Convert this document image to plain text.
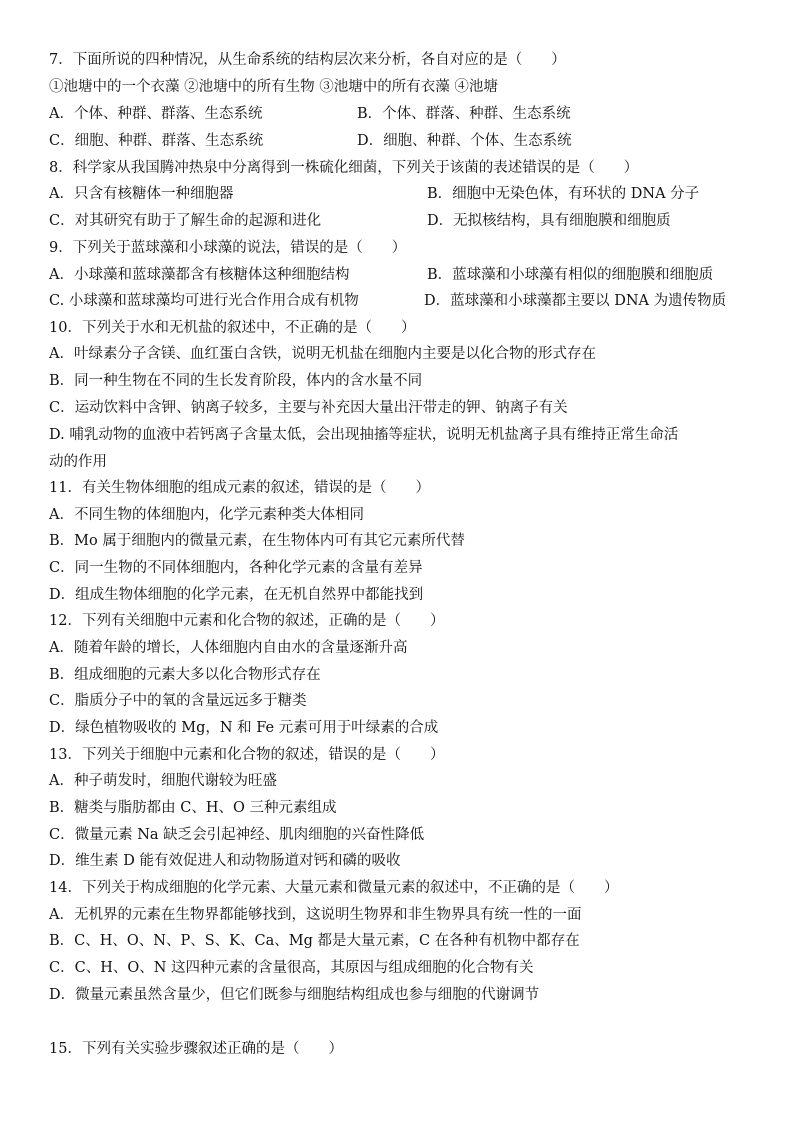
7．下面所说的四种情况，从生命系统的结构层次来分析，各自对应的是（　　）
①池塘中的一个衣藻 ②池塘中的所有生物 ③池塘中的所有衣藻 ④池塘
A．个体、种群、群落、生态系统	B．个体、群落、种群、生态系统
C．细胞、种群、群落、生态系统	D．细胞、种群、个体、生态系统
8．科学家从我国腾冲热泉中分离得到一株硫化细菌，下列关于该菌的表述错误的是（　　）
A．只含有核糖体一种细胞器	B．细胞中无染色体，有环状的 DNA 分子
C．对其研究有助于了解生命的起源和进化	D．无拟核结构，具有细胞膜和细胞质
9．下列关于蓝球藻和小球藻的说法，错误的是（　　）
A．小球藻和蓝球藻都含有核糖体这种细胞结构	B．蓝球藻和小球藻有相似的细胞膜和细胞质
C. 小球藻和蓝球藻均可进行光合作用合成有机物	D．蓝球藻和小球藻都主要以 DNA 为遗传物质
10．下列关于水和无机盐的叙述中，不正确的是（　　）
A．叶绿素分子含镁、血红蛋白含铁，说明无机盐在细胞内主要是以化合物的形式存在
B．同一种生物在不同的生长发育阶段，体内的含水量不同
C．运动饮料中含钾、钠离子较多，主要与补充因大量出汗带走的钾、钠离子有关
D. 哺乳动物的血液中若钙离子含量太低，会出现抽搐等症状，说明无机盐离子具有维持正常生命活
动的作用
11．有关生物体细胞的组成元素的叙述，错误的是（　　）
A．不同生物的体细胞内，化学元素种类大体相同
B．Mo 属于细胞内的微量元素，在生物体内可有其它元素所代替
C．同一生物的不同体细胞内，各种化学元素的含量有差异
D．组成生物体细胞的化学元素，在无机自然界中都能找到
12．下列有关细胞中元素和化合物的叙述，正确的是（　　）
A．随着年龄的增长，人体细胞内自由水的含量逐渐升高
B．组成细胞的元素大多以化合物形式存在
C．脂质分子中的氧的含量远远多于糖类
D．绿色植物吸收的 Mg，N 和 Fe 元素可用于叶绿素的合成
13．下列关于细胞中元素和化合物的叙述，错误的是（　　）
A．种子萌发时，细胞代谢较为旺盛
B．糖类与脂肪都由 C、H、O 三种元素组成
C．微量元素 Na 缺乏会引起神经、肌肉细胞的兴奋性降低
D．维生素 D 能有效促进人和动物肠道对钙和磷的吸收
14．下列关于构成细胞的化学元素、大量元素和微量元素的叙述中，不正确的是（　　）
A．无机界的元素在生物界都能够找到，这说明生物界和非生物界具有统一性的一面
B．C、H、O、N、P、S、K、Ca、Mg 都是大量元素，C 在各种有机物中都存在
C．C、H、O、N 这四种元素的含量很高，其原因与组成细胞的化合物有关
D．微量元素虽然含量少，但它们既参与细胞结构组成也参与细胞的代谢调节
15．下列有关实验步骤叙述正确的是（　　）
